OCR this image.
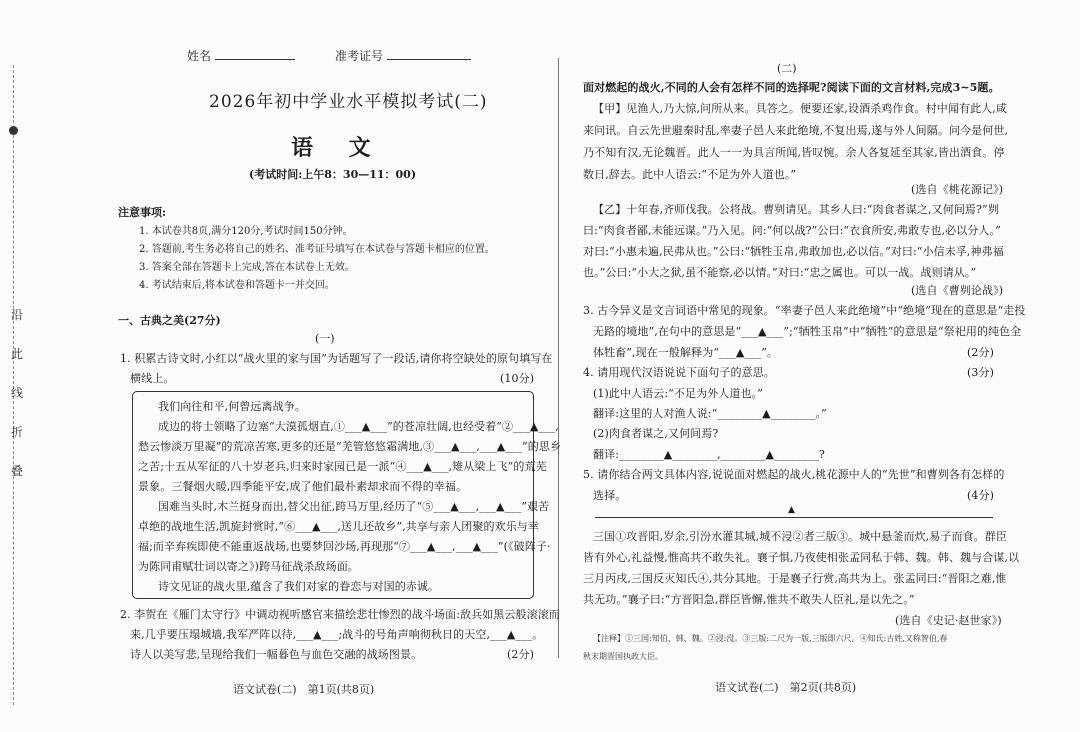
沿
此
线
折
叠
姓名	准考证号
2026年初中学业水平模拟考试(二)
语 文
(考试时间:上午8：30—11：00)
注意事项:
1. 本试卷共8页,满分120分,考试时间150分钟。
2. 答题前,考生务必将自己的姓名、准考证号填写在本试卷与答题卡相应的位置。
3. 答案全部在答题卡上完成,答在本试卷上无效。
4. 考试结束后,将本试卷和答题卡一并交回。
一、古典之美(27分)
(一)
1. 积累古诗文时,小红以“战火里的家与国”为话题写了一段话,请你将空缺处的原句填写在
横线上。	(10分)
我们向往和平,何曾远离战争。
成边的将士领略了边塞“大漠孤烟直,①___▲___”的苍凉壮阔,也经受着“②___▲___,
愁云惨淡万里凝”的荒凉苦寒,更多的还是“羌管悠悠霜满地,③___▲___,___▲___”的思乡
之苦;十五从军征的八十岁老兵,归来时家园已是一派“④___▲___,雉从梁上飞”的荒芜
景象。三餐烟火暖,四季能平安,成了他们最朴素却求而不得的幸福。
国难当头时,木兰挺身而出,替父出征,跨马万里,经历了“⑤___▲___,___▲___”艰苦
卓绝的战地生活,凯旋封赏时,“⑥___▲___,送儿还故乡”,共享与亲人团聚的欢乐与幸
福;而辛弃疾即使不能重返战场,也要梦回沙场,再现那“⑦___▲___,___▲___”(《破阵子·
为陈同甫赋壮词以寄之》)跨马征战杀敌场面。
诗文见证的战火里,蕴含了我们对家的眷恋与对国的赤诚。
2. 李贺在《雁门太守行》中调动视听感官来描绘悲壮惨烈的战斗场面:敌兵如黑云般滚滚而
来,几乎要压塌城墙,我军严阵以待,___▲___;战斗的号角声响彻秋日的天空,___▲___。
诗人以美写悲,呈现给我们一幅暮色与血色交融的战场图景。	(2分)
语文试卷(二)　第1页(共8页)
(二)
面对燃起的战火,不同的人会有怎样不同的选择呢?阅读下面的文言材料,完成3~5题。
【甲】见渔人,乃大惊,问所从来。具答之。便要还家,设酒杀鸡作食。村中闻有此人,咸
来问讯。自云先世避秦时乱,率妻子邑人来此绝境,不复出焉,遂与外人间隔。问今是何世,
乃不知有汉,无论魏晋。此人一一为具言所闻,皆叹惋。余人各复延至其家,皆出酒食。停
数日,辞去。此中人语云:“不足为外人道也。”
(选自《桃花源记》)
【乙】十年春,齐师伐我。公将战。曹刿请见。其乡人曰:“肉食者谋之,又何间焉?”刿
曰:“肉食者鄙,未能远谋。”乃入见。问:“何以战?”公曰:“衣食所安,弗敢专也,必以分人。”
对曰:“小惠未遍,民弗从也。”公曰:“牺牲玉帛,弗敢加也,必以信。”对曰:“小信未孚,神弗福
也。”公曰:“小大之狱,虽不能察,必以情。”对曰:“忠之属也。可以一战。战则请从。”
(选自《曹刿论战》)
3. 古今异义是文言词语中常见的现象。“率妻子邑人来此绝境”中“绝境”现在的意思是“走投
无路的境地”,在句中的意思是“___▲___”;“牺牲玉帛”中“牺牲”的意思是“祭祀用的纯色全
体牲畜”,现在一般解释为“___▲___”。	(2分)
4. 请用现代汉语说说下面句子的意思。	(3分)
(1)此中人语云:“不足为外人道也。”
翻译:这里的人对渔人说:“________▲________。”
(2)肉食者谋之,又何间焉?
翻译:________▲________,________▲________?
5. 请你结合两文具体内容,说说面对燃起的战火,桃花源中人的“先世”和曹刿各有怎样的
选择。	(4分)
▲
三国①攻晋阳,岁余,引汾水灌其城,城不浸②者三版③。城中悬釜而炊,易子而食。群臣
皆有外心,礼益慢,惟高共不敢失礼。襄子惧,乃夜使相张孟同私于韩、魏。韩、魏与合谋,以
三月丙戌,三国反灭知氏④,共分其地。于是襄子行赏,高共为上。张孟同曰:“晋阳之难,惟
共无功。”襄子曰:“方晋阳急,群臣皆懈,惟共不敢失人臣礼,是以先之。”
(选自《史记·赵世家》)
【注释】①三国:知伯、韩、魏。②浸:没。③三版:二尺为一版,三版即六尺。④知氏:古姓,又称智伯,春
秋末期晋国执政大臣。
语文试卷(二)　第2页(共8页)
